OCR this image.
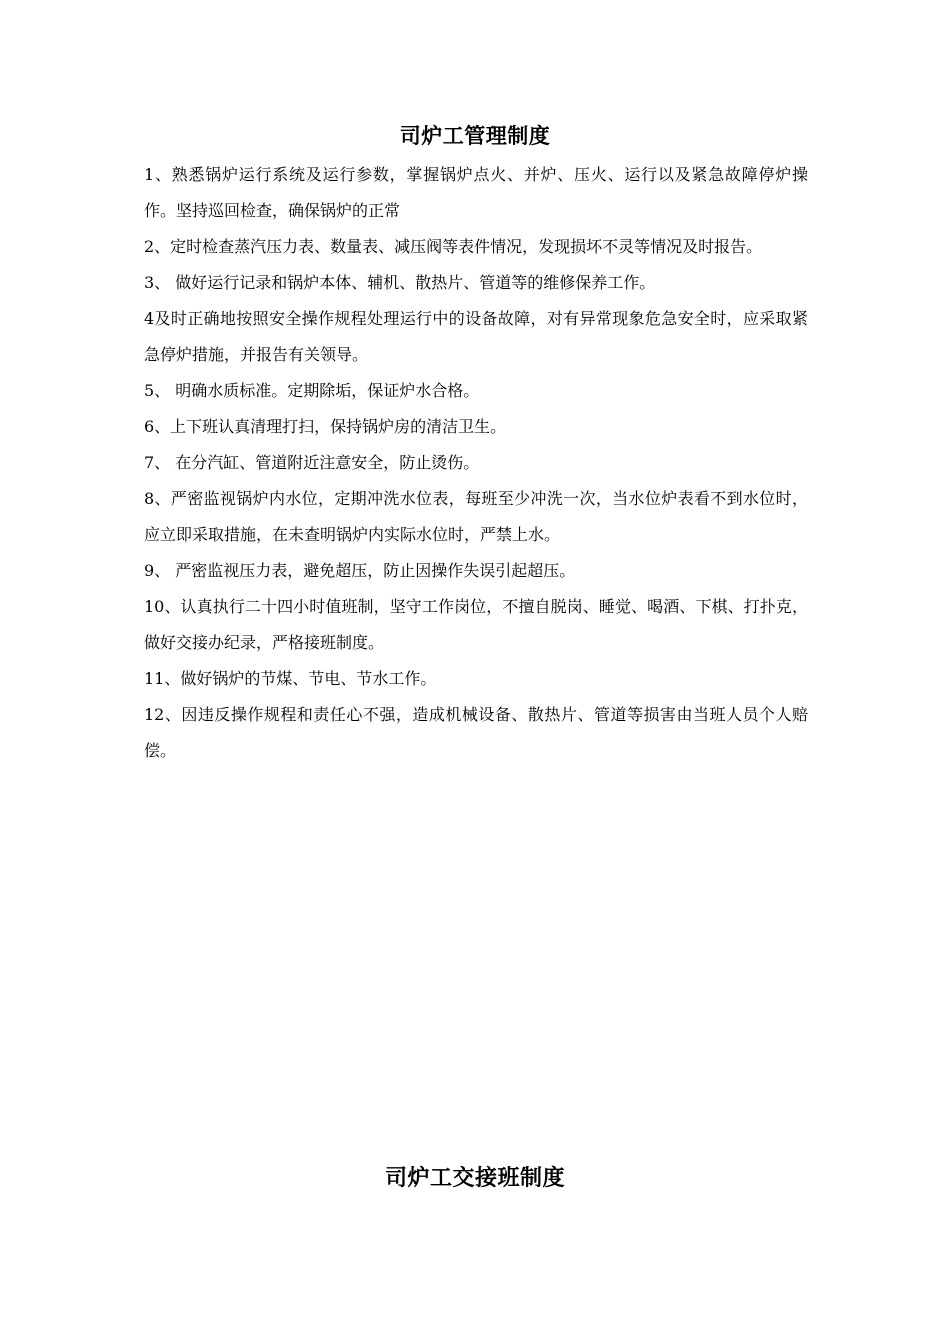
司炉工管理制度
1、熟悉锅炉运行系统及运行参数，掌握锅炉点火、并炉、压火、运行以及紧急故障停炉操作。坚持巡回检查，确保锅炉的正常
2、定时检查蒸汽压力表、数量表、减压阀等表件情况，发现损坏不灵等情况及时报告。
3、 做好运行记录和锅炉本体、辅机、散热片、管道等的维修保养工作。
4及时正确地按照安全操作规程处理运行中的设备故障，对有异常现象危急安全时，应采取紧急停炉措施，并报告有关领导。
5、 明确水质标准。定期除垢，保证炉水合格。
6、上下班认真清理打扫，保持锅炉房的清洁卫生。
7、 在分汽缸、管道附近注意安全，防止烫伤。
8、严密监视锅炉内水位，定期冲洗水位表，每班至少冲洗一次，当水位炉表看不到水位时，应立即采取措施，在未查明锅炉内实际水位时，严禁上水。
9、 严密监视压力表，避免超压，防止因操作失误引起超压。
10、认真执行二十四小时值班制，坚守工作岗位，不擅自脱岗、睡觉、喝酒、下棋、打扑克，做好交接办纪录，严格接班制度。
11、做好锅炉的节煤、节电、节水工作。
12、因违反操作规程和责任心不强，造成机械设备、散热片、管道等损害由当班人员个人赔偿。
司炉工交接班制度
